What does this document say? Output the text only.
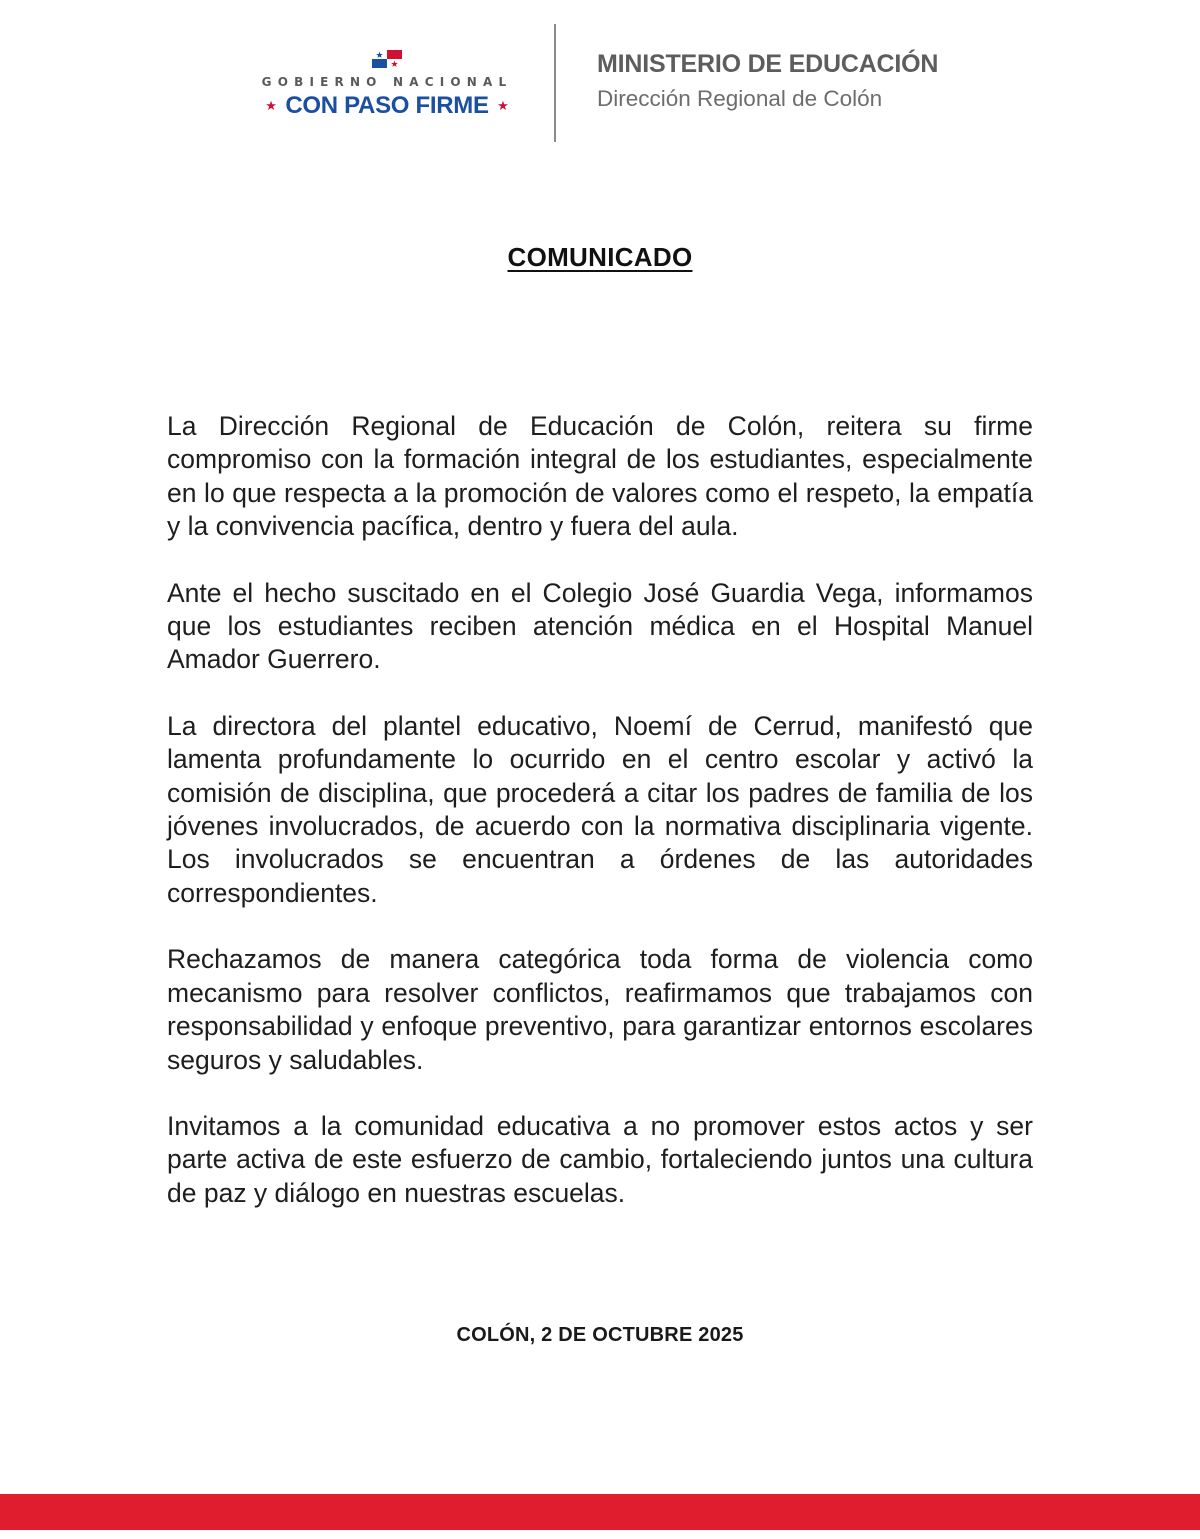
GOBIERNO NACIONAL
★ CON PASO FIRME ★
MINISTERIO DE EDUCACIÓN
Dirección Regional de Colón
COMUNICADO

La Dirección Regional de Educación de Colón, reitera su firme compromiso con la formación integral de los estudiantes, especialmente en lo que respecta a la promoción de valores como el respeto, la empatía y la convivencia pacífica, dentro y fuera del aula.

Ante el hecho suscitado en el Colegio José Guardia Vega, informamos que los estudiantes reciben atención médica en el Hospital Manuel Amador Guerrero.

La directora del plantel educativo, Noemí de Cerrud, manifestó que lamenta profundamente lo ocurrido en el centro escolar y activó la comisión de disciplina, que procederá a citar los padres de familia de los jóvenes involucrados, de acuerdo con la normativa disciplinaria vigente. Los involucrados se encuentran a órdenes de las autoridades correspondientes.

Rechazamos de manera categórica toda forma de violencia como mecanismo para resolver conflictos, reafirmamos que trabajamos con responsabilidad y enfoque preventivo, para garantizar entornos escolares seguros y saludables.

Invitamos a la comunidad educativa a no promover estos actos y ser parte activa de este esfuerzo de cambio, fortaleciendo juntos una cultura de paz y diálogo en nuestras escuelas.

COLÓN, 2 DE OCTUBRE 2025
